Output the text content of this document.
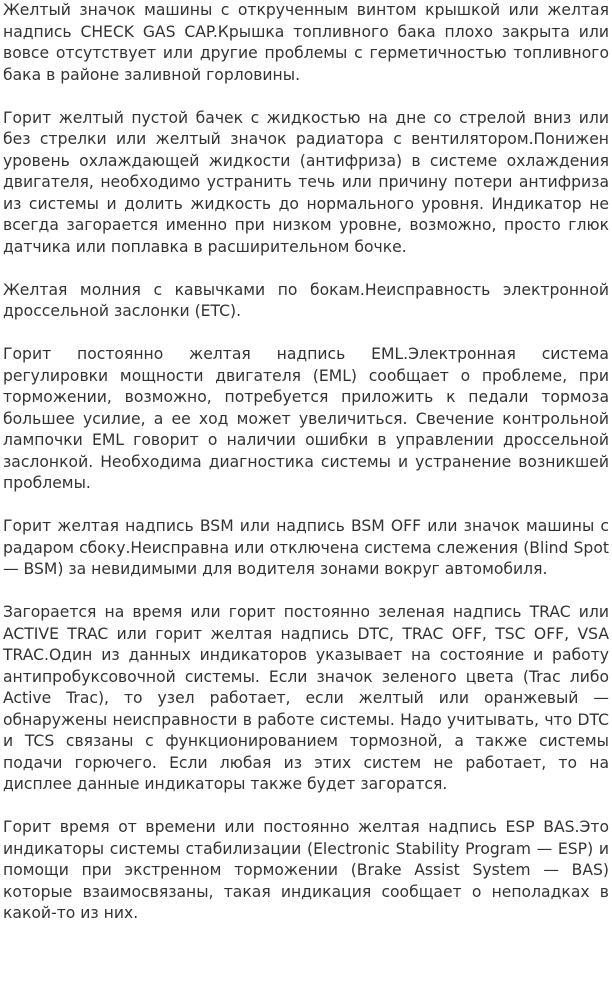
Желтый значок машины с открученным винтом крышкой или желтая надпись CHECK GAS CAP.Крышка топливного бака плохо закрыта или вовсе отсутствует или другие проблемы с герметичностью топливного бака в районе заливной горловины.

Горит желтый пустой бачек с жидкостью на дне со стрелой вниз или без стрелки или желтый значок радиатора с вентилятором.Понижен уровень охлаждающей жидкости (антифриза) в системе охлаждения двигателя, необходимо устранить течь или причину потери антифриза из системы и долить жидкость до нормального уровня. Индикатор не всегда загорается именно при низком уровне, возможно, просто глюк датчика или поплавка в расширительном бочке.

Желтая молния с кавычками по бокам.Неисправность электронной дроссельной заслонки (ETC).

Горит постоянно желтая надпись EML.Электронная система регулировки мощности двигателя (EML) сообщает о проблеме, при торможении, возможно, потребуется приложить к педали тормоза большее усилие, а ее ход может увеличиться. Свечение контрольной лампочки EML говорит о наличии ошибки в управлении дроссельной заслонкой. Необходима диагностика системы и устранение возникшей проблемы.

Горит желтая надпись BSM или надпись BSM OFF или значок машины с радаром сбоку.Неисправна или отключена система слежения (Blind Spot — BSM) за невидимыми для водителя зонами вокруг автомобиля.

Загорается на время или горит постоянно зеленая надпись TRAC или ACTIVE TRAC или горит желтая надпись DTC, TRAC OFF, TSC OFF, VSA TRAC.Один из данных индикаторов указывает на состояние и работу антипробуксовочной системы. Если значок зеленого цвета (Trac либо Active Trac), то узел работает, если желтый или оранжевый — обнаружены неисправности в работе системы. Надо учитывать, что DTC и TCS связаны с функционированием тормозной, а также системы подачи горючего. Если любая из этих систем не работает, то на дисплее данные индикаторы также будет загоратся.

Горит время от времени или постоянно желтая надпись ESP BAS.Это индикаторы системы стабилизации (Electronic Stability Program — ESP) и помощи при экстренном торможении (Brake Assist System — BAS) которые взаимосвязаны, такая индикация сообщает о неполадках в какой-то из них.
